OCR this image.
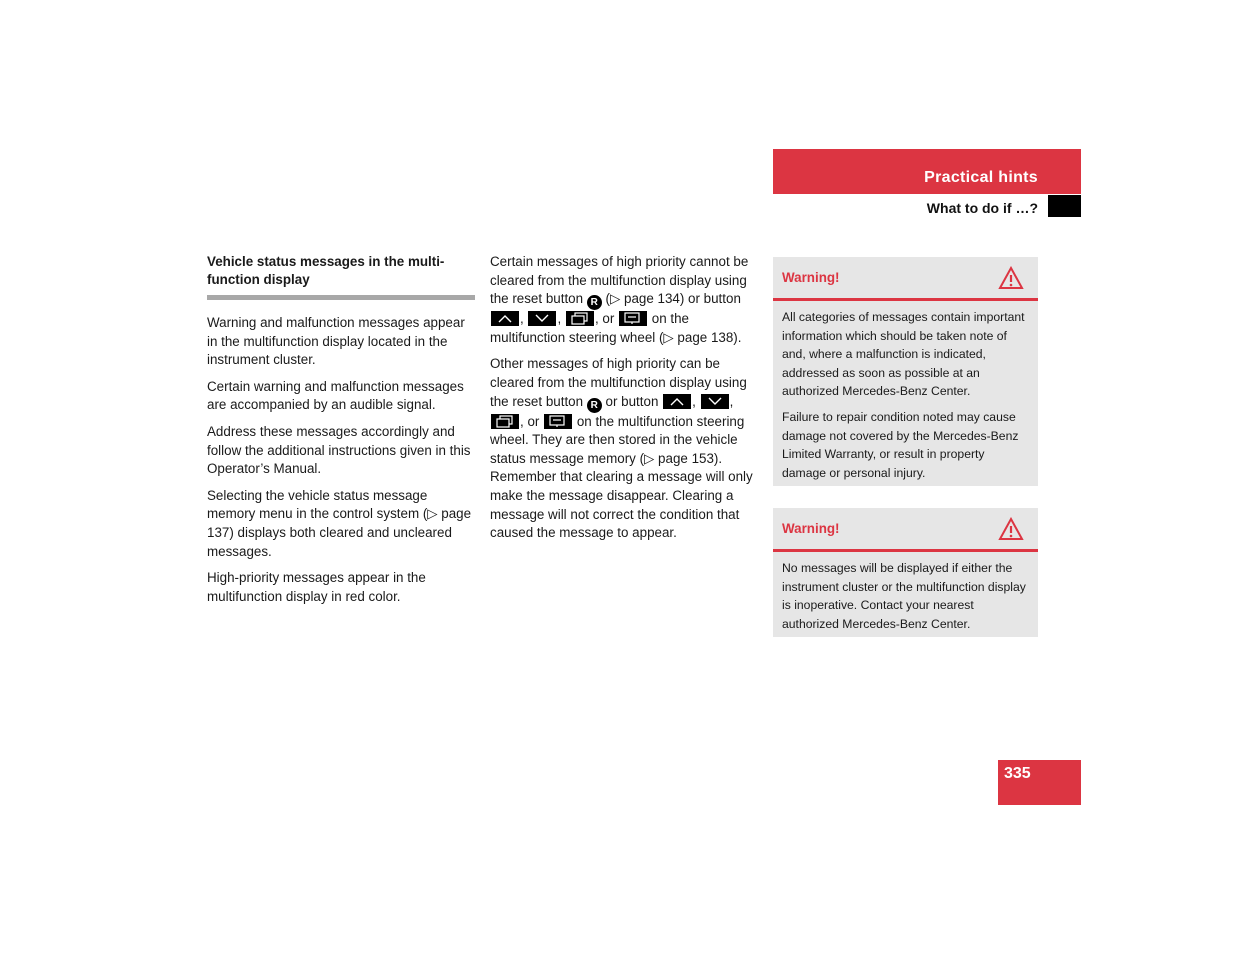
Practical hints
What to do if …?
Vehicle status messages in the multi-function display

Warning and malfunction messages appear in the multifunction display located in the instrument cluster.

Certain warning and malfunction messages are accompanied by an audible signal.

Address these messages accordingly and follow the additional instructions given in this Operator’s Manual.

Selecting the vehicle status message memory menu in the control system (▷ page 137) displays both cleared and uncleared messages.

High-priority messages appear in the multifunction display in red color.

Certain messages of high priority cannot be cleared from the multifunction display using the reset button R (▷ page 134) or button
,	,	, or	on the multifunction steering wheel (▷ page 138).

Other messages of high priority can be cleared from the multifunction display using the reset button R or button	,	,
, or	on the multifunction steering wheel. They are then stored in the vehicle status message memory (▷ page 153). Remember that clearing a message will only make the message disappear. Clearing a message will not correct the condition that caused the message to appear.

Warning!

All categories of messages contain important information which should be taken note of and, where a malfunction is indicated, addressed as soon as possible at an authorized Mercedes-Benz Center.

Failure to repair condition noted may cause damage not covered by the Mercedes-Benz Limited Warranty, or result in property damage or personal injury.

Warning!

No messages will be displayed if either the instrument cluster or the multifunction display is inoperative. Contact your nearest authorized Mercedes-Benz Center.

335
